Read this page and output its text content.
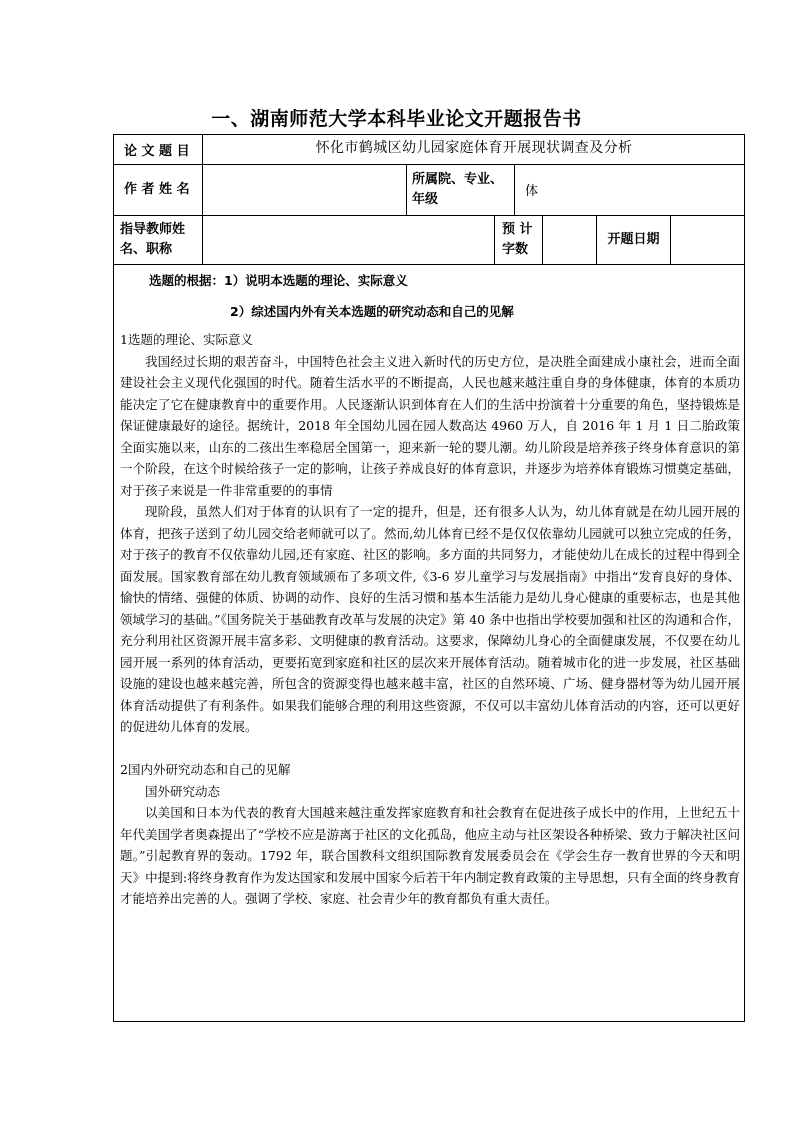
一、湖南师范大学本科毕业论文开题报告书
论 文 题 目	怀化市鹤城区幼儿园家庭体育开展现状调查及分析
作 者 姓 名
所属院、专业、年级	体
指导教师姓名、职称
预 计 字数
开题日期
选题的根据：1）说明本选题的理论、实际意义
2）综述国内外有关本选题的研究动态和自己的见解

1选题的理论、实际意义

我国经过长期的艰苦奋斗，中国特色社会主义进入新时代的历史方位，是决胜全面建成小康社会，进而全面建设社会主义现代化强国的时代。随着生活水平的不断提高，人民也越来越注重自身的身体健康，体育的本质功能决定了它在健康教育中的重要作用。人民逐渐认识到体育在人们的生活中扮演着十分重要的角色，坚持锻炼是保证健康最好的途径。据统计，2018 年全国幼儿园在园人数高达 4960 万人，自 2016 年 1 月 1 日二胎政策全面实施以来，山东的二孩出生率稳居全国第一，迎来新一轮的婴儿潮。幼儿阶段是培养孩子终身体育意识的第一个阶段，在这个时候给孩子一定的影响，让孩子养成良好的体育意识，并逐步为培养体育锻炼习惯奠定基础，对于孩子来说是一件非常重要的的事情

现阶段，虽然人们对于体育的认识有了一定的提升，但是，还有很多人认为，幼儿体育就是在幼儿园开展的体育，把孩子送到了幼儿园交给老师就可以了。然而,幼儿体育已经不是仅仅依靠幼儿园就可以独立完成的任务，对于孩子的教育不仅依靠幼儿园,还有家庭、社区的影响。多方面的共同努力，才能使幼儿在成长的过程中得到全面发展。国家教育部在幼儿教育领域颁布了多项文件,《3-6 岁儿童学习与发展指南》中指出“发育良好的身体、愉快的情绪、强健的体质、协调的动作、良好的生活习惯和基本生活能力是幼儿身心健康的重要标志，也是其他领域学习的基础。”《国务院关于基础教育改革与发展的决定》第 40 条中也指出学校要加强和社区的沟通和合作，充分利用社区资源开展丰富多彩、文明健康的教育活动。这要求，保障幼儿身心的全面健康发展，不仅要在幼儿园开展一系列的体育活动，更要拓宽到家庭和社区的层次来开展体育活动。随着城市化的进一步发展，社区基础设施的建设也越来越完善，所包含的资源变得也越来越丰富，社区的自然环境、广场、健身器材等为幼儿园开展体育活动提供了有利条件。如果我们能够合理的利用这些资源，不仅可以丰富幼儿体育活动的内容，还可以更好的促进幼儿体育的发展。

2国内外研究动态和自己的见解

国外研究动态

以美国和日本为代表的教育大国越来越注重发挥家庭教育和社会教育在促进孩子成长中的作用，上世纪五十年代美国学者奥森提出了“学校不应是游离于社区的文化孤岛，他应主动与社区架设各种桥梁、致力于解决社区问题。”引起教育界的轰动。1792 年，联合国教科文组织国际教育发展委员会在《学会生存一教育世界的今天和明天》中提到:将终身教育作为发达国家和发展中国家今后若干年内制定教育政策的主导思想，只有全面的终身教育才能培养出完善的人。强调了学校、家庭、社会青少年的教育都负有重大责任。
